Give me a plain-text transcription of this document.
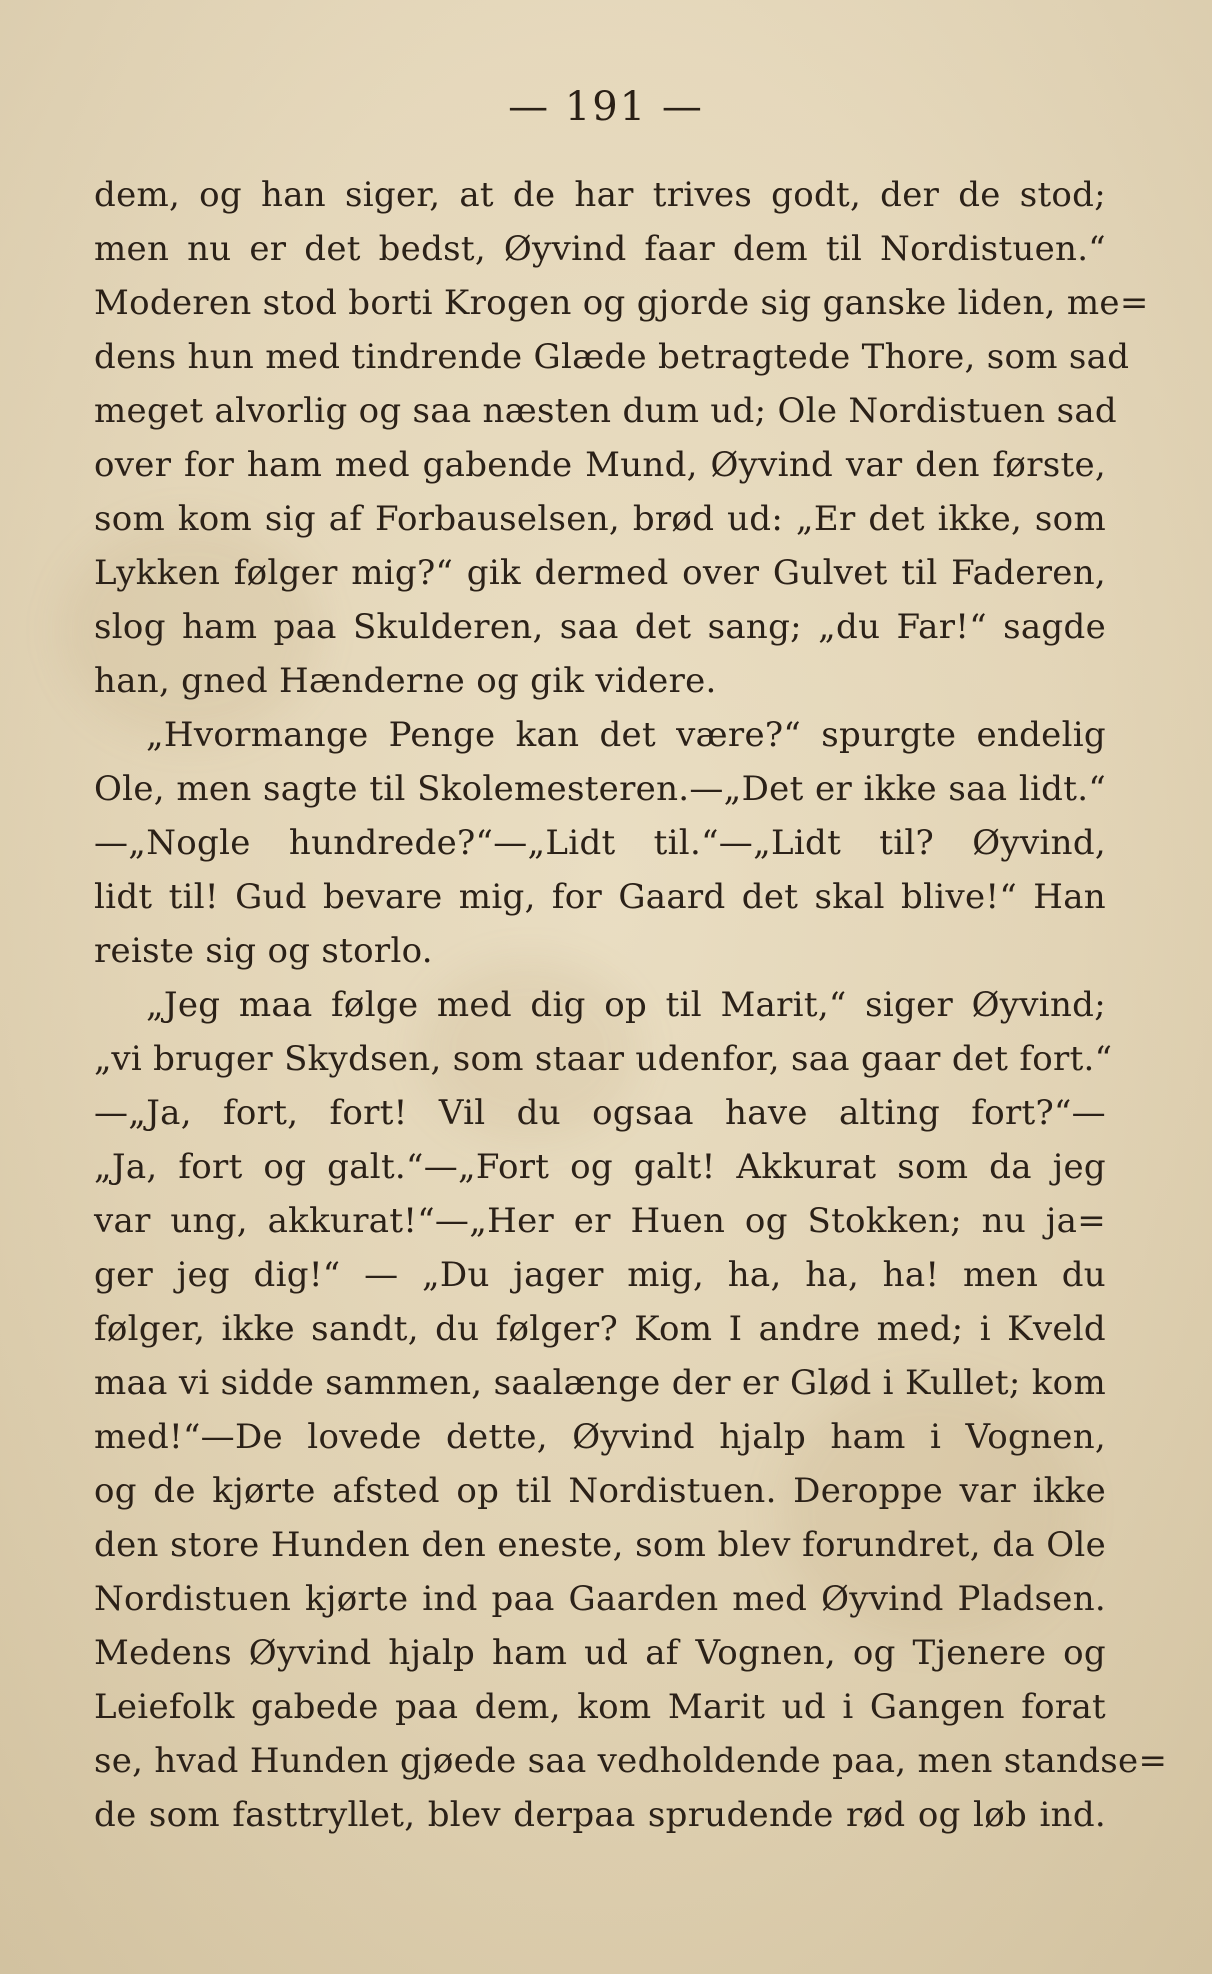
— 191 —
dem, og han siger, at de har trives godt, der de stod;
men nu er det bedst, Øyvind faar dem til Nordistuen.“
Moderen stod borti Krogen og gjorde sig ganske liden, me=
dens hun med tindrende Glæde betragtede Thore, som sad
meget alvorlig og saa næsten dum ud; Ole Nordistuen sad
over for ham med gabende Mund, Øyvind var den første,
som kom sig af Forbauselsen, brød ud: „Er det ikke, som
Lykken følger mig?“ gik dermed over Gulvet til Faderen,
slog ham paa Skulderen, saa det sang; „du Far!“ sagde
han, gned Hænderne og gik videre.
„Hvormange Penge kan det være?“ spurgte endelig
Ole, men sagte til Skolemesteren.—„Det er ikke saa lidt.“
—„Nogle hundrede?“—„Lidt til.“—„Lidt til? Øyvind,
lidt til! Gud bevare mig, for Gaard det skal blive!“ Han
reiste sig og storlo.
„Jeg maa følge med dig op til Marit,“ siger Øyvind;
„vi bruger Skydsen, som staar udenfor, saa gaar det fort.“
—„Ja, fort, fort! Vil du ogsaa have alting fort?“—
„Ja, fort og galt.“—„Fort og galt! Akkurat som da jeg
var ung, akkurat!“—„Her er Huen og Stokken; nu ja=
ger jeg dig!“ — „Du jager mig, ha, ha, ha! men du
følger, ikke sandt, du følger? Kom I andre med; i Kveld
maa vi sidde sammen, saalænge der er Glød i Kullet; kom
med!“—De lovede dette, Øyvind hjalp ham i Vognen,
og de kjørte afsted op til Nordistuen. Deroppe var ikke
den store Hunden den eneste, som blev forundret, da Ole
Nordistuen kjørte ind paa Gaarden med Øyvind Pladsen.
Medens Øyvind hjalp ham ud af Vognen, og Tjenere og
Leiefolk gabede paa dem, kom Marit ud i Gangen forat
se, hvad Hunden gjøede saa vedholdende paa, men standse=
de som fasttryllet, blev derpaa sprudende rød og løb ind.
